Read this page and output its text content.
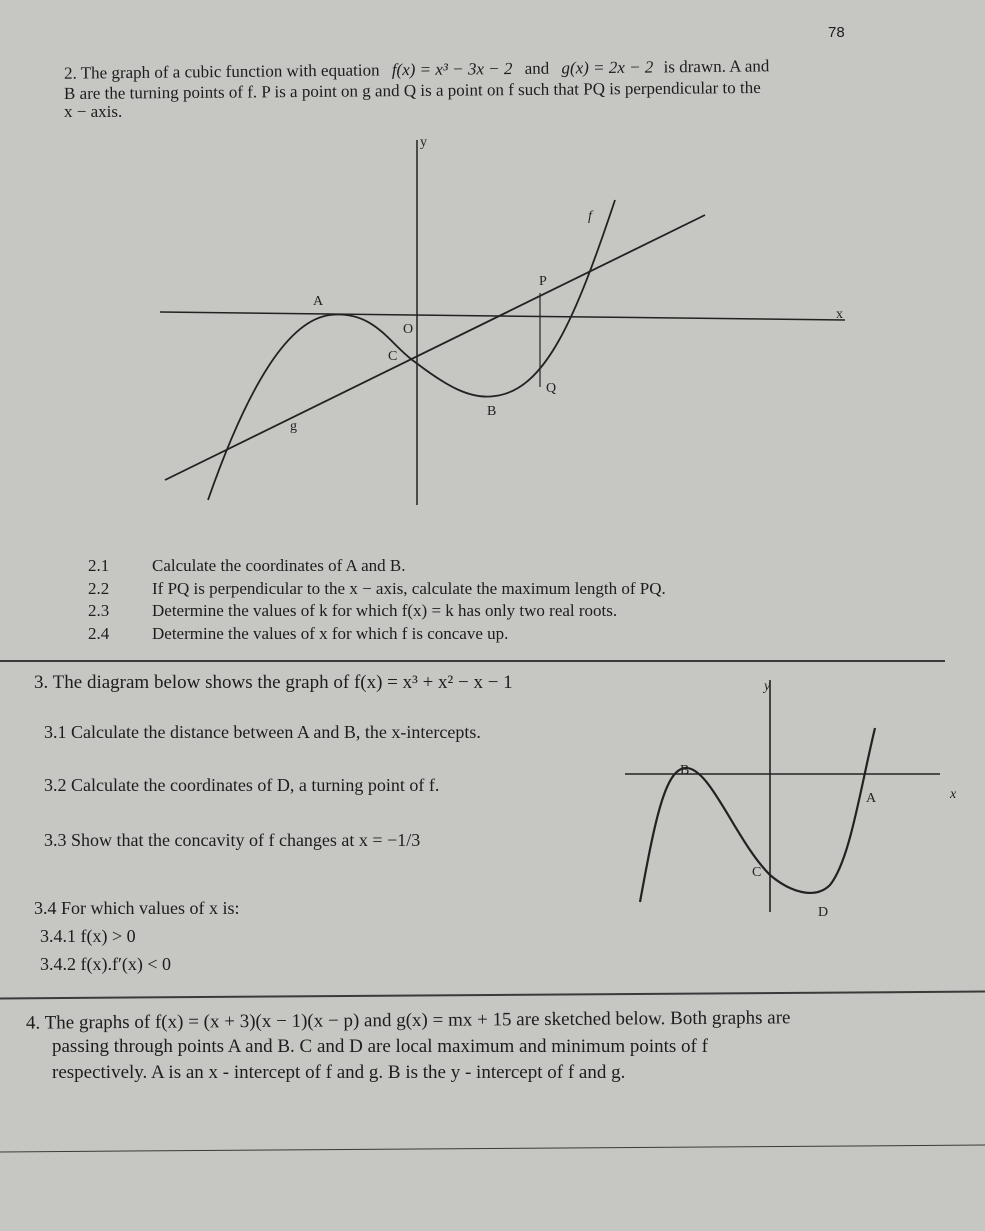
78
2. The graph of a cubic function with equation f(x) = x³ − 3x − 2 and g(x) = 2x − 2 is drawn. A and
B are the turning points of f. P is a point on g and Q is a point on f such that PQ is perpendicular to the
x − axis.
y
x
f
g
A
B
O
C
P
Q
y
x
A
B
C
D
2.1	Calculate the coordinates of A and B.
2.2	If PQ is perpendicular to the x − axis, calculate the maximum length of PQ.
2.3	Determine the values of k for which f(x) = k has only two real roots.
2.4	Determine the values of x for which f is concave up.
3. The diagram below shows the graph of f(x) = x³ + x² − x − 1
3.1 Calculate the distance between A and B, the x-intercepts.
3.2 Calculate the coordinates of D, a turning point of f.
3.3 Show that the concavity of f changes at x = −1/3
3.4 For which values of x is:
3.4.1 f(x) > 0
3.4.2 f(x).f′(x) < 0
4. The graphs of f(x) = (x + 3)(x − 1)(x − p) and g(x) = mx + 15 are sketched below. Both graphs are
passing through points A and B. C and D are local maximum and minimum points of f
respectively. A is an x - intercept of f and g. B is the y - intercept of f and g.
